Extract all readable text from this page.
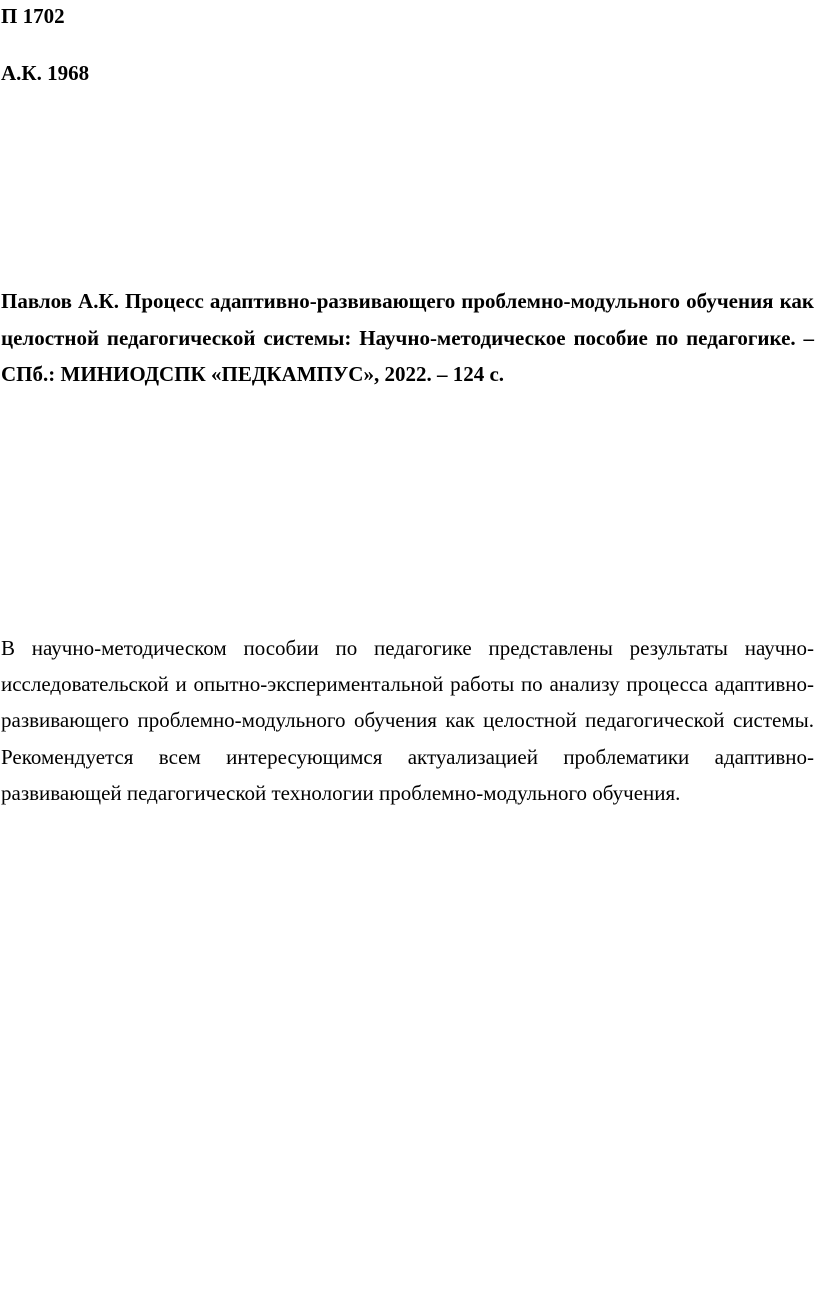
П 1702

А.К. 1968

Павлов А.К. Процесс адаптивно-развивающего проблемно-модульного обучения как целостной педагогической системы: Научно-методическое пособие по педагогике. – СПб.: МИНИОДСПК «ПЕДКАМПУС», 2022. – 124 с.

В научно-методическом пособии по педагогике представлены результаты научно-исследовательской и опытно-экспериментальной работы по анализу процесса адаптивно-развивающего проблемно-модульного обучения как целостной педагогической системы. Рекомендуется всем интересующимся актуализацией проблематики адаптивно-развивающей педагогической технологии проблемно-модульного обучения.
